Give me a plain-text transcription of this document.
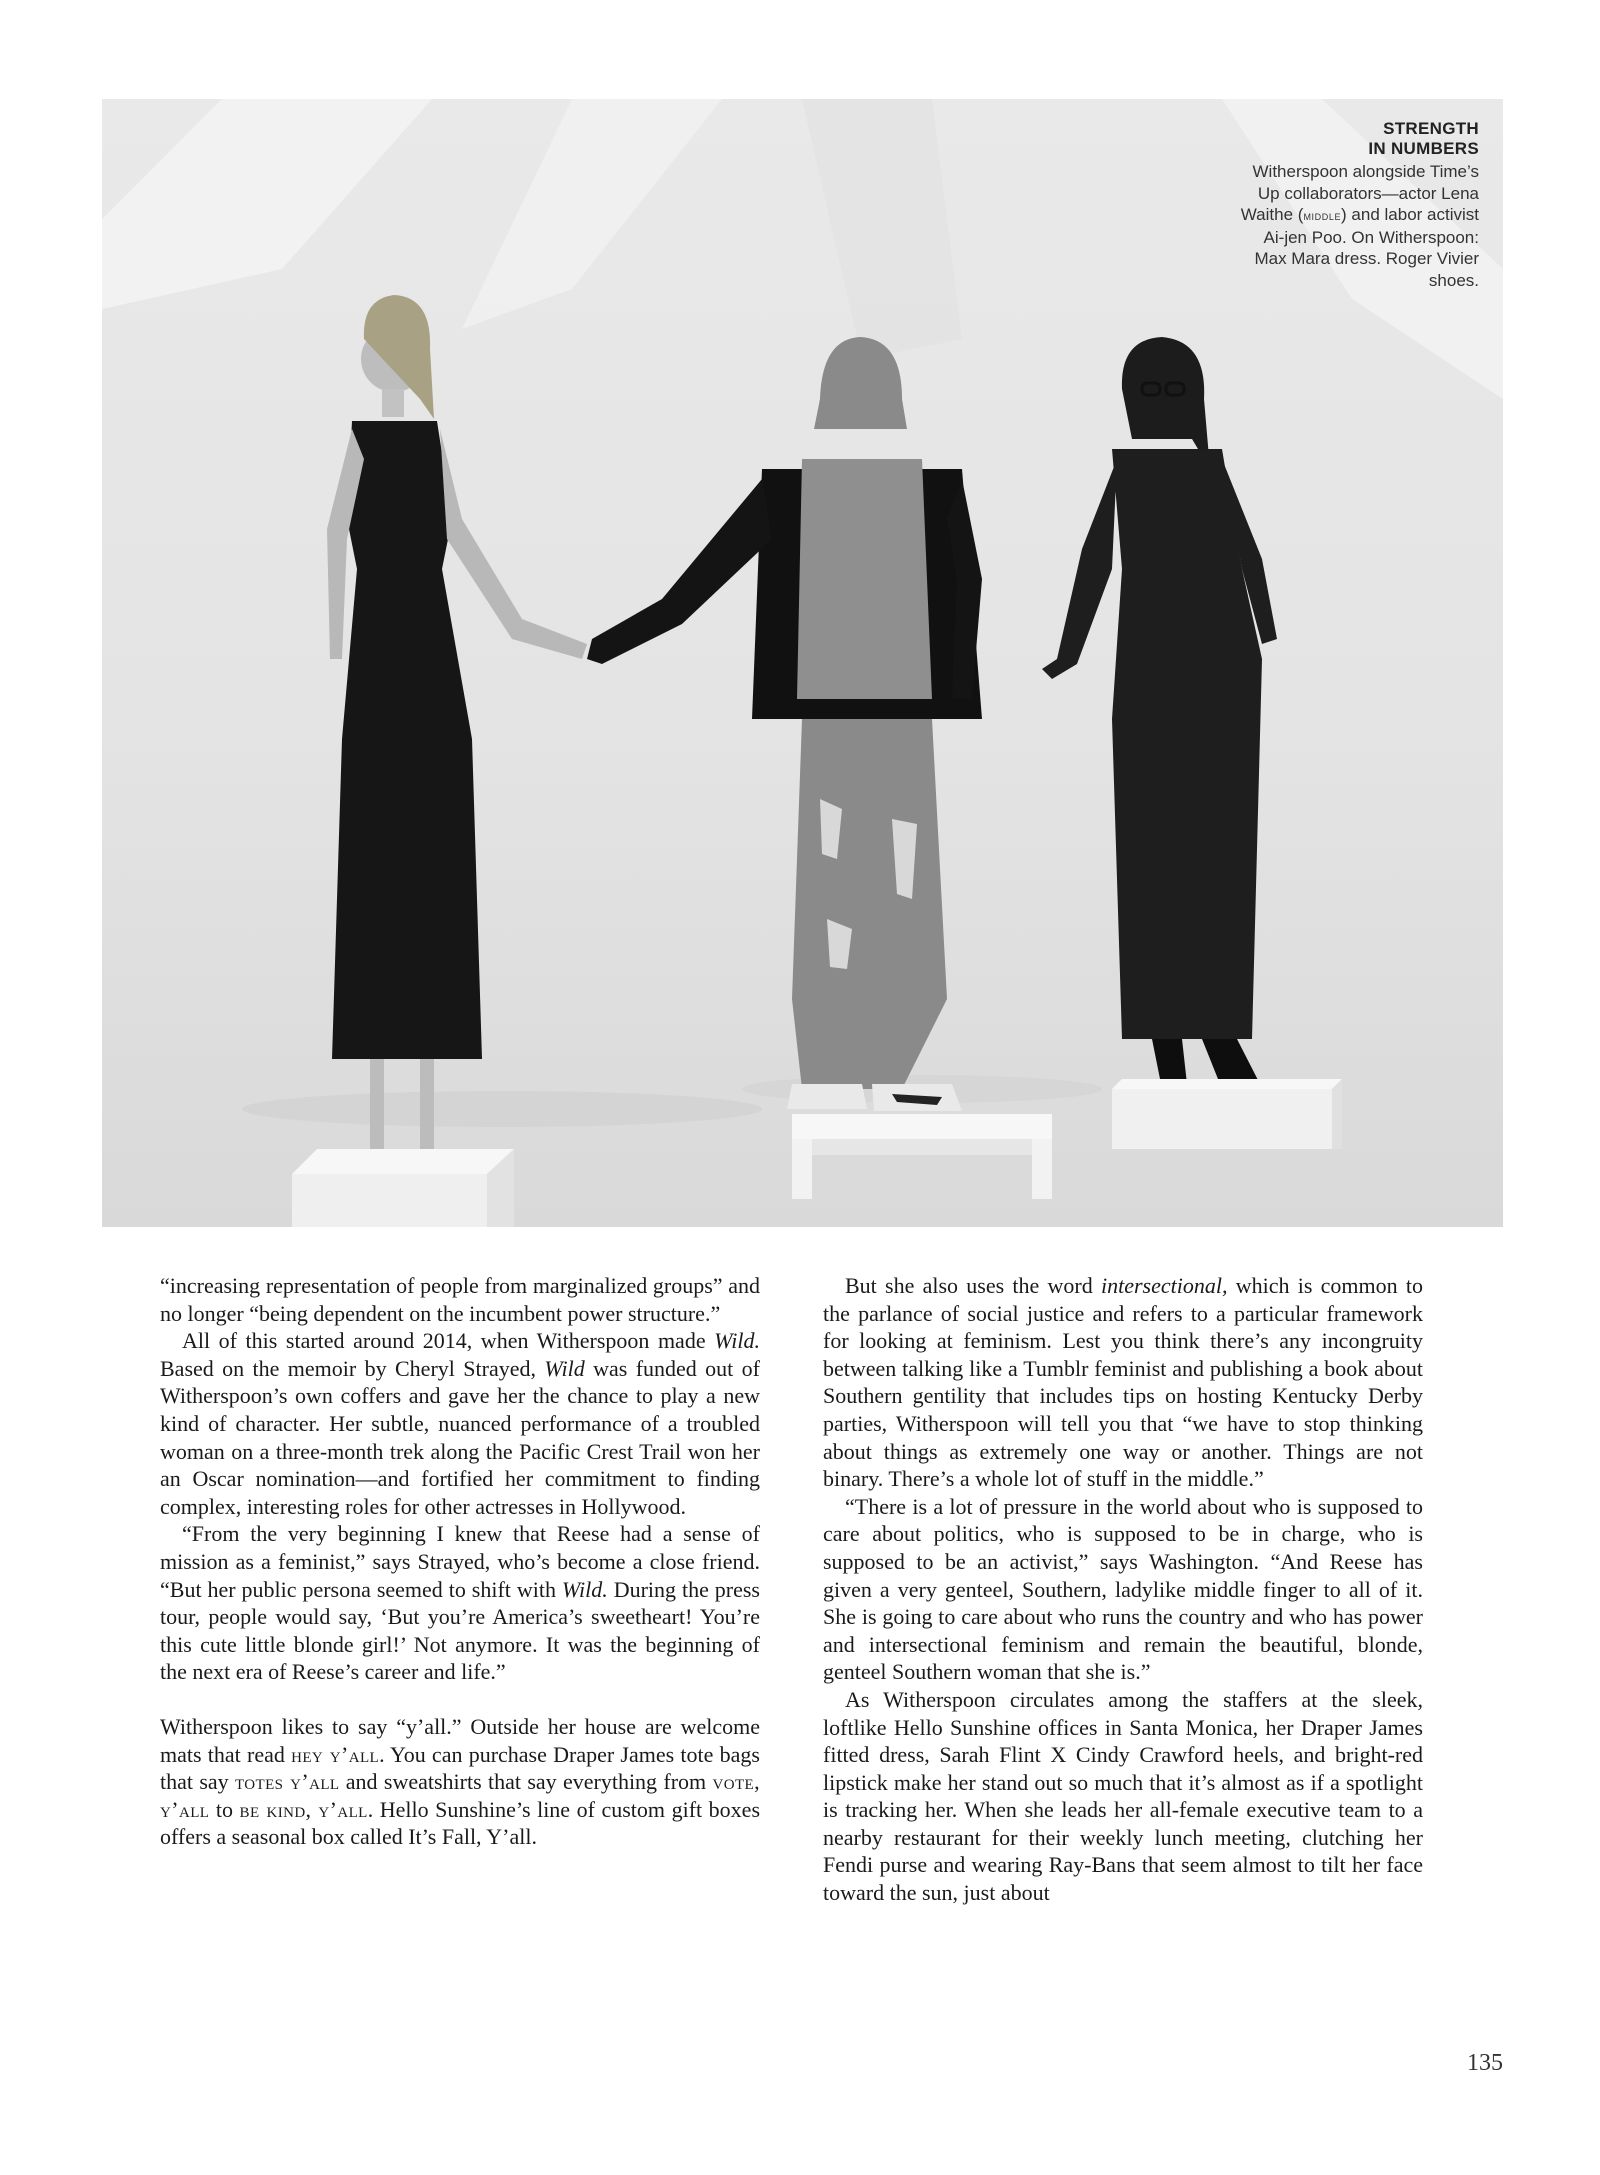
STRENGTH
IN NUMBERS
Witherspoon alongside Time’s Up collaborators—actor Lena Waithe (middle) and labor activist Ai-jen Poo. On Witherspoon: Max Mara dress. Roger Vivier shoes.

“increasing representation of people from marginalized groups” and no longer “being dependent on the incumbent power structure.”

All of this started around 2014, when Witherspoon made Wild. Based on the memoir by Cheryl Strayed, Wild was funded out of Witherspoon’s own coffers and gave her the chance to play a new kind of character. Her subtle, nuanced performance of a troubled woman on a three-month trek along the Pacific Crest Trail won her an Oscar nomination—and fortified her commitment to finding complex, interesting roles for other actresses in Hollywood.

“From the very beginning I knew that Reese had a sense of mission as a feminist,” says Strayed, who’s become a close friend. “But her public persona seemed to shift with Wild. During the press tour, people would say, ‘But you’re America’s sweetheart! You’re this cute little blonde girl!’ Not anymore. It was the beginning of the next era of Reese’s career and life.”

Witherspoon likes to say “y’all.” Outside her house are welcome mats that read hey y’all. You can purchase Draper James tote bags that say totes y’all and sweatshirts that say everything from vote, y’all to be kind, y’all. Hello Sunshine’s line of custom gift boxes offers a seasonal box called It’s Fall, Y’all.

But she also uses the word intersectional, which is common to the parlance of social justice and refers to a particular framework for looking at feminism. Lest you think there’s any incongruity between talking like a Tumblr feminist and publishing a book about Southern gentility that includes tips on hosting Kentucky Derby parties, Witherspoon will tell you that “we have to stop thinking about things as extremely one way or another. Things are not binary. There’s a whole lot of stuff in the middle.”

“There is a lot of pressure in the world about who is supposed to care about politics, who is supposed to be in charge, who is supposed to be an activist,” says Washington. “And Reese has given a very genteel, Southern, ladylike middle finger to all of it. She is going to care about who runs the country and who has power and intersectional feminism and remain the beautiful, blonde, genteel Southern woman that she is.”

As Witherspoon circulates among the staffers at the sleek, loftlike Hello Sunshine offices in Santa Monica, her Draper James fitted dress, Sarah Flint X Cindy Crawford heels, and bright-red lipstick make her stand out so much that it’s almost as if a spotlight is tracking her. When she leads her all-female executive team to a nearby restaurant for their weekly lunch meeting, clutching her Fendi purse and wearing Ray-Bans that seem almost to tilt her face toward the sun, just about

135
